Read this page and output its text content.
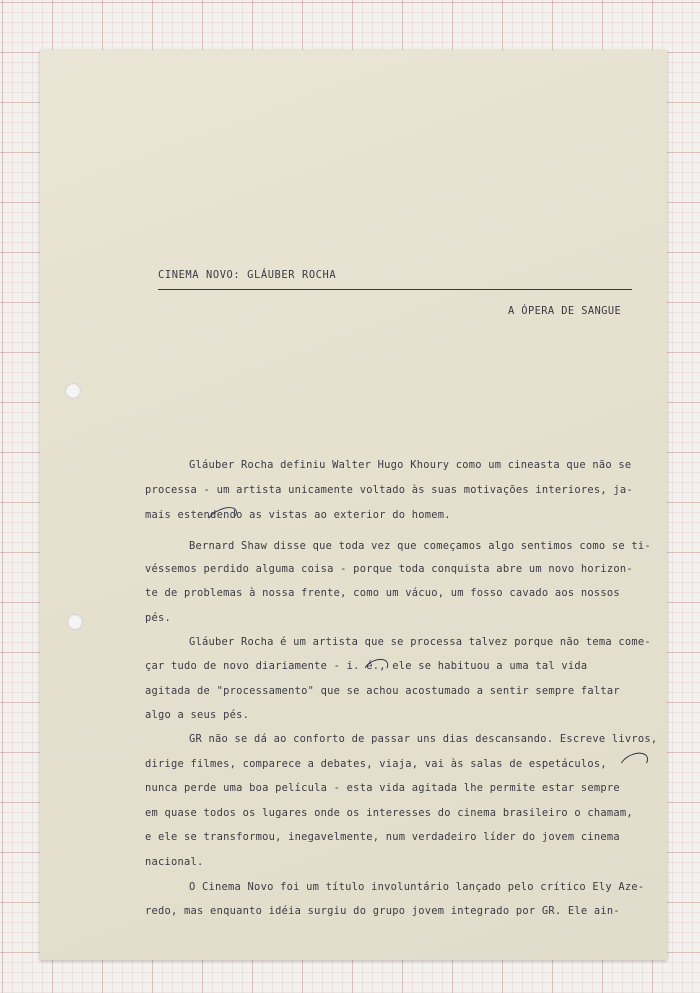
CINEMA NOVO: GLÁUBER ROCHA
A ÓPERA DE SANGUE
Gláuber Rocha definiu Walter Hugo Khoury como um cineasta que não se
processa - um artista unicamente voltado às suas motivações interiores, ja-
mais estendendo as vistas ao exterior do homem.
Bernard Shaw disse que toda vez que começamos algo sentimos como se ti-
véssemos perdido alguma coisa - porque toda conquista abre um novo horizon-
te de problemas à nossa frente, como um vácuo, um fosso cavado aos nossos
pés.
Gláuber Rocha é um artista que se processa talvez porque não tema come-
çar tudo de novo diariamente - i. é., ele se habituou a uma tal vida
agitada de "processamento" que se achou acostumado a sentir sempre faltar
algo a seus pés.
GR não se dá ao conforto de passar uns dias descansando. Escreve livros,
dirige filmes, comparece a debates, viaja, vai às salas de espetáculos,
nunca perde uma boa película - esta vida agitada lhe permite estar sempre
em quase todos os lugares onde os interesses do cinema brasileiro o chamam,
e ele se transformou, inegavelmente, num verdadeiro líder do jovem cinema
nacional.
O Cinema Novo foi um título involuntário lançado pelo crítico Ely Aze-
redo, mas enquanto idéia surgiu do grupo jovem integrado por GR. Ele ain-
